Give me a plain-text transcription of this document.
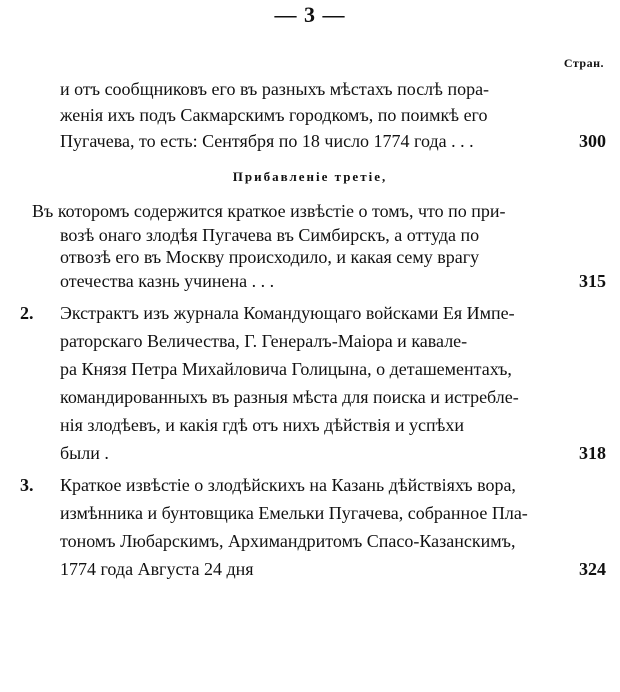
— 3 —
Стран.
и отъ сообщниковъ его въ разныхъ мѣстахъ послѣ пора-
женія ихъ подъ Сакмарскимъ городкомъ, по поимкѣ его
Пугачева, то есть: Сентября по 18 число 1774 года . . .	300
Прибавленіе третіе,
Въ которомъ содержится краткое извѣстіе о томъ, что по при-
возѣ онаго злодѣя Пугачева въ Симбирскъ, а оттуда по
отвозѣ его въ Москву происходило, и какая сему врагу
отечества казнь учинена . . .	315
2. Экстрактъ изъ журнала Командующаго войсками Ея Импе-
раторскаго Величества, Г. Генералъ-Маіора и кавале-
ра Князя Петра Михайловича Голицына, о деташементахъ,
командированныхъ въ разныя мѣста для поиска и истребле-
нія злодѣевъ, и какія гдѣ отъ нихъ дѣйствія и успѣхи
были .	318
3. Краткое извѣстіе о злодѣйскихъ на Казань дѣйствіяхъ вора,
измѣнника и бунтовщика Емельки Пугачева, собранное Пла-
тономъ Любарскимъ, Архимандритомъ Спасо-Казанскимъ,
1774 года Августа 24 дня	324
